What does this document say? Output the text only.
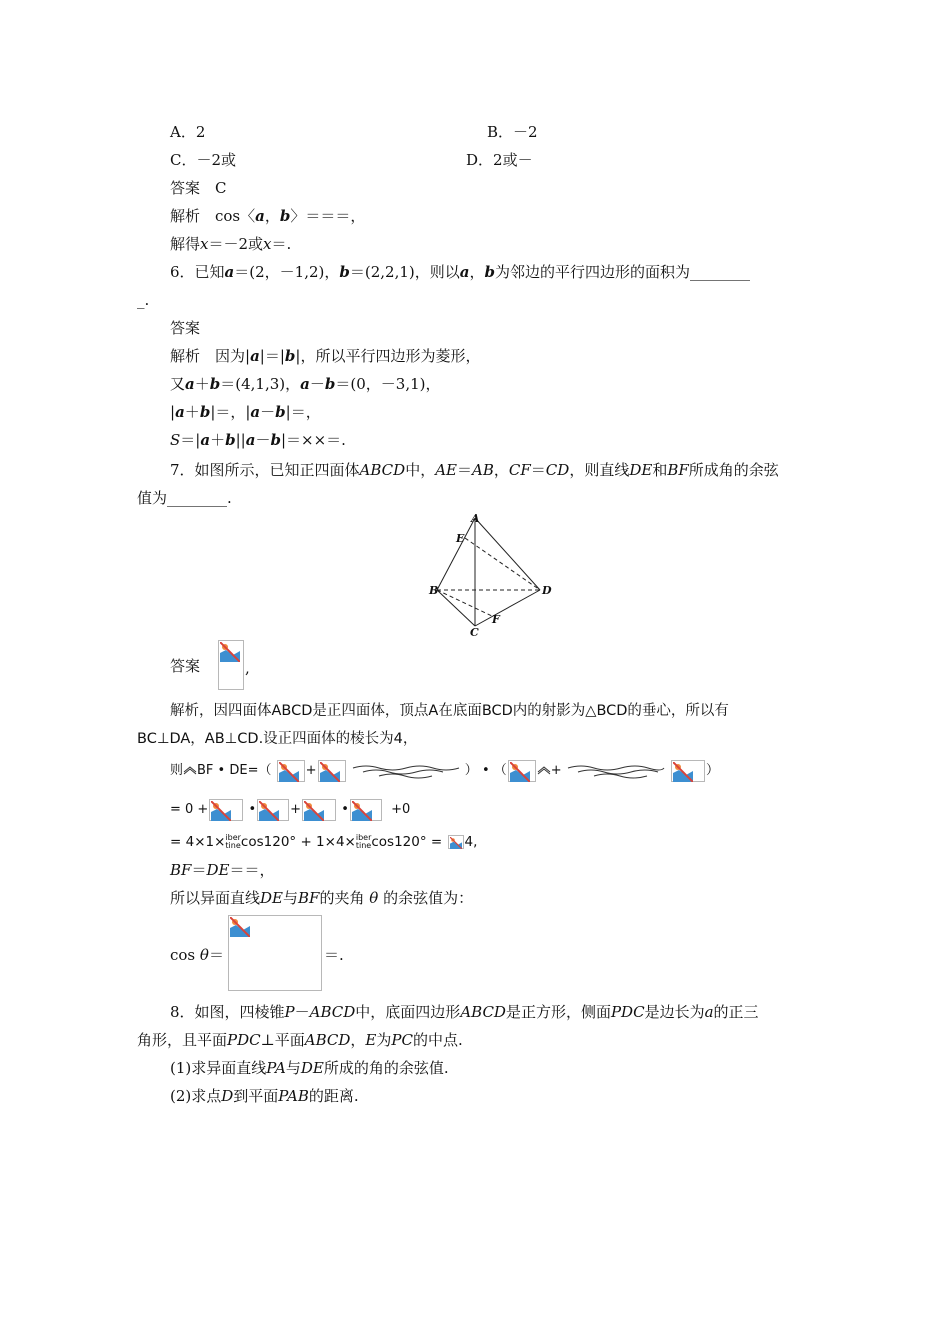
A．2	B．－2
C．－2或	D．2或－
答案　C
解析　cos〈a，b〉＝＝＝，
解得x＝－2或x＝.
6．已知a＝(2，－1,2)，b＝(2,2,1)，则以a，b为邻边的平行四边形的面积为________
_.
答案
解析　因为|a|＝|b|，所以平行四边形为菱形，
又a＋b＝(4,1,3)，a－b＝(0，－3,1)，
|a＋b|＝，|a－b|＝，
S＝|a＋b||a－b|＝××＝.
7．如图所示，已知正四面体ABCD中，AE＝AB，CF＝CD，则直线DE和BF所成角的余弦
值为________.
A
E
B	D
C
F
答案	,
解析，因四面体ABCD是正四面体，顶点A在底面BCD内的射影为△BCD的垂心，所以有
BC⊥DA，AB⊥CD.设正四面体的棱长为4，
则 BF • DE=（	+	） • （	+	）
= 0 +	•	+	•	+0
= 4×1×iber
tinecos120° + 1×4×iber
tinecos120° = 4,
BF＝DE＝＝，
所以异面直线DE与BF的夹角 θ 的余弦值为：
cos θ＝	＝.
8．如图，四棱锥P－ABCD中，底面四边形ABCD是正方形，侧面PDC是边长为a的正三
角形，且平面PDC⊥平面ABCD，E为PC的中点.
(1)求异面直线PA与DE所成的角的余弦值.
(2)求点D到平面PAB的距离.
